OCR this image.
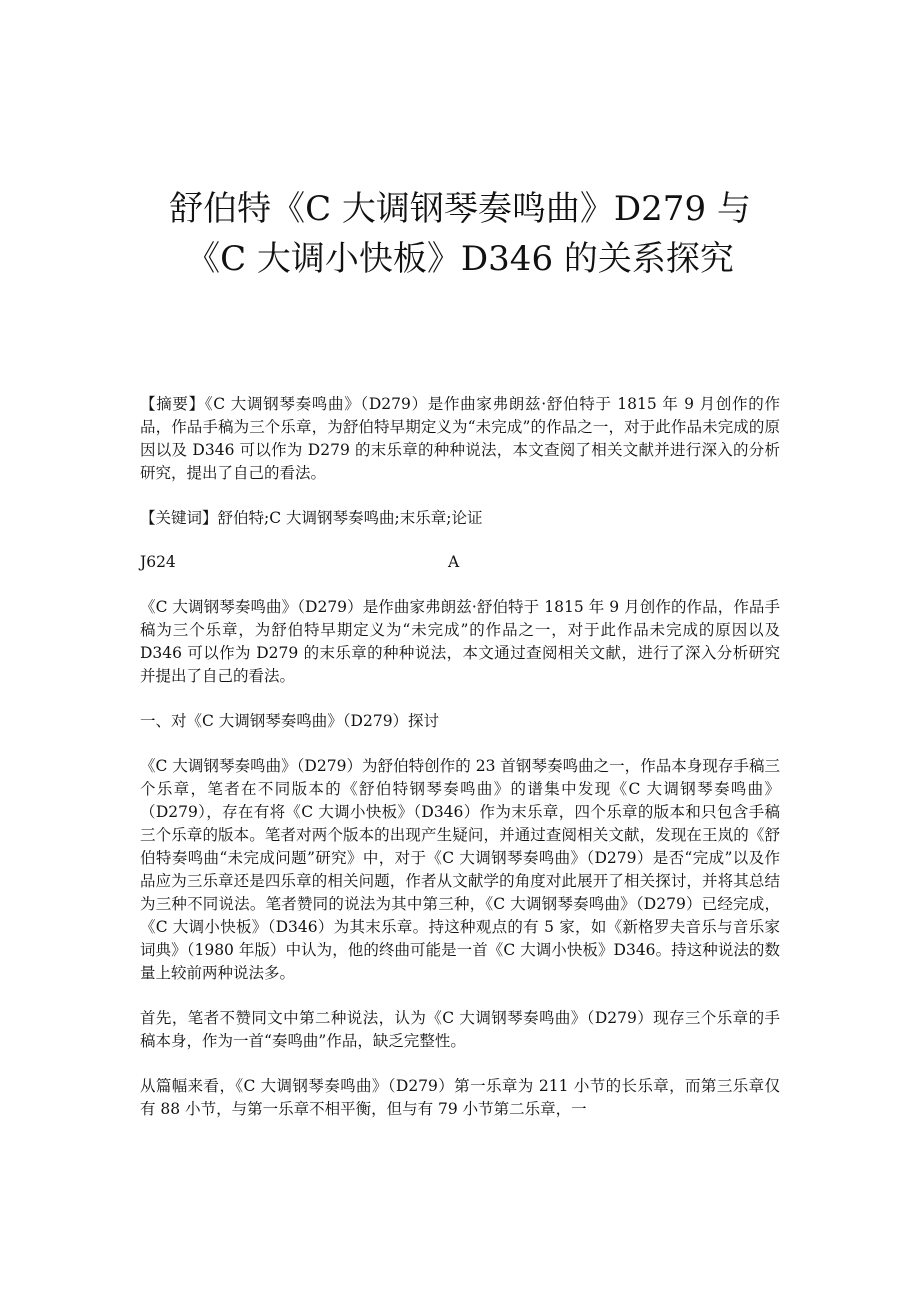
舒伯特《C 大调钢琴奏鸣曲》D279 与
《C 大调小快板》D346 的关系探究

【摘要】《C 大调钢琴奏鸣曲》（D279）是作曲家弗朗兹·舒伯特于 1815 年 9 月创作的作品，作品手稿为三个乐章，为舒伯特早期定义为“未完成”的作品之一，对于此作品未完成的原因以及 D346 可以作为 D279 的末乐章的种种说法，本文查阅了相关文献并进行深入的分析研究，提出了自己的看法。

【关键词】舒伯特;C 大调钢琴奏鸣曲;末乐章;论证

J624	A

《C 大调钢琴奏鸣曲》（D279）是作曲家弗朗兹·舒伯特于 1815 年 9 月创作的作品，作品手稿为三个乐章，为舒伯特早期定义为“未完成”的作品之一，对于此作品未完成的原因以及 D346 可以作为 D279 的末乐章的种种说法，本文通过查阅相关文献，进行了深入分析研究并提出了自己的看法。

一、对《C 大调钢琴奏鸣曲》（D279）探讨

《C 大调钢琴奏鸣曲》（D279）为舒伯特创作的 23 首钢琴奏鸣曲之一，作品本身现存手稿三个乐章，笔者在不同版本的《舒伯特钢琴奏鸣曲》的谱集中发现《C 大调钢琴奏鸣曲》（D279），存在有将《C 大调小快板》（D346）作为末乐章，四个乐章的版本和只包含手稿三个乐章的版本。笔者对两个版本的出现产生疑问，并通过查阅相关文献，发现在王岚的《舒伯特奏鸣曲“未完成问题”研究》中，对于《C 大调钢琴奏鸣曲》（D279）是否“完成”以及作品应为三乐章还是四乐章的相关问题，作者从文献学的角度对此展开了相关探讨，并将其总结为三种不同说法。笔者赞同的说法为其中第三种，《C 大调钢琴奏鸣曲》（D279）已经完成，《C 大调小快板》（D346）为其末乐章。持这种观点的有 5 家，如《新格罗夫音乐与音乐家词典》（1980 年版）中认为，他的终曲可能是一首《C 大调小快板》D346。持这种说法的数量上较前两种说法多。

首先，笔者不赞同文中第二种说法，认为《C 大调钢琴奏鸣曲》（D279）现存三个乐章的手稿本身，作为一首“奏鸣曲”作品，缺乏完整性。

从篇幅来看，《C 大调钢琴奏鸣曲》（D279）第一乐章为 211 小节的长乐章，而第三乐章仅有 88 小节，与第一乐章不相平衡，但与有 79 小节第二乐章，一
